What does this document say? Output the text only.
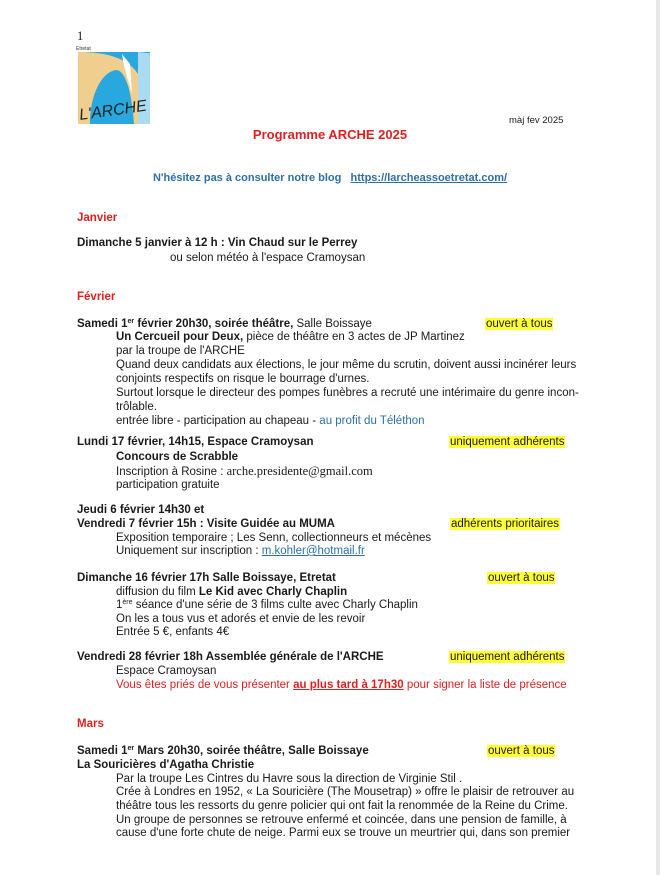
1
Etretat
L'ARCHE	màj fev 2025
Programme ARCHE 2025
N'hésitez pas à consulter notre blog https://larcheassoetretat.com/
Janvier
Dimanche 5 janvier à 12 h : Vin Chaud sur le Perrey
ou selon météo à l'espace Cramoysan
Février
Samedi 1er février 20h30, soirée théâtre, Salle Boissaye	ouvert à tous
Un Cercueil pour Deux, pièce de théâtre en 3 actes de JP Martinez
par la troupe de l'ARCHE
Quand deux candidats aux élections, le jour même du scrutin, doivent aussi incinérer leurs
conjoints respectifs on risque le bourrage d'urnes.
Surtout lorsque le directeur des pompes funèbres a recruté une intérimaire du genre incon-
trôlable.
entrée libre - participation au chapeau - au profit du Téléthon
Lundi 17 février, 14h15, Espace Cramoysan	uniquement adhérents
Concours de Scrabble
Inscription à Rosine : arche.presidente@gmail.com
participation gratuite
Jeudi 6 février 14h30 et
Vendredi 7 février 15h : Visite Guidée au MUMA	adhérents prioritaires
Exposition temporaire ; Les Senn, collectionneurs et mécènes
Uniquement sur inscription : m.kohler@hotmail.fr
Dimanche 16 février 17h Salle Boissaye, Etretat	ouvert à tous
diffusion du film Le Kid avec Charly Chaplin
1ère séance d'une série de 3 films culte avec Charly Chaplin
On les a tous vus et adorés et envie de les revoir
Entrée 5 €, enfants 4€
Vendredi 28 février 18h Assemblée générale de l'ARCHE	uniquement adhérents
Espace Cramoysan
Vous êtes priés de vous présenter au plus tard à 17h30 pour signer la liste de présence
Mars
Samedi 1er Mars 20h30, soirée théâtre, Salle Boissaye	ouvert à tous
La Souricières d'Agatha Christie
Par la troupe Les Cintres du Havre sous la direction de Virginie Stil .
Crée à Londres en 1952, « La Souricière (The Mousetrap) » offre le plaisir de retrouver au
théâtre tous les ressorts du genre policier qui ont fait la renommée de la Reine du Crime.
Un groupe de personnes se retrouve enfermé et coincée, dans une pension de famille, à
cause d'une forte chute de neige. Parmi eux se trouve un meurtrier qui, dans son premier
